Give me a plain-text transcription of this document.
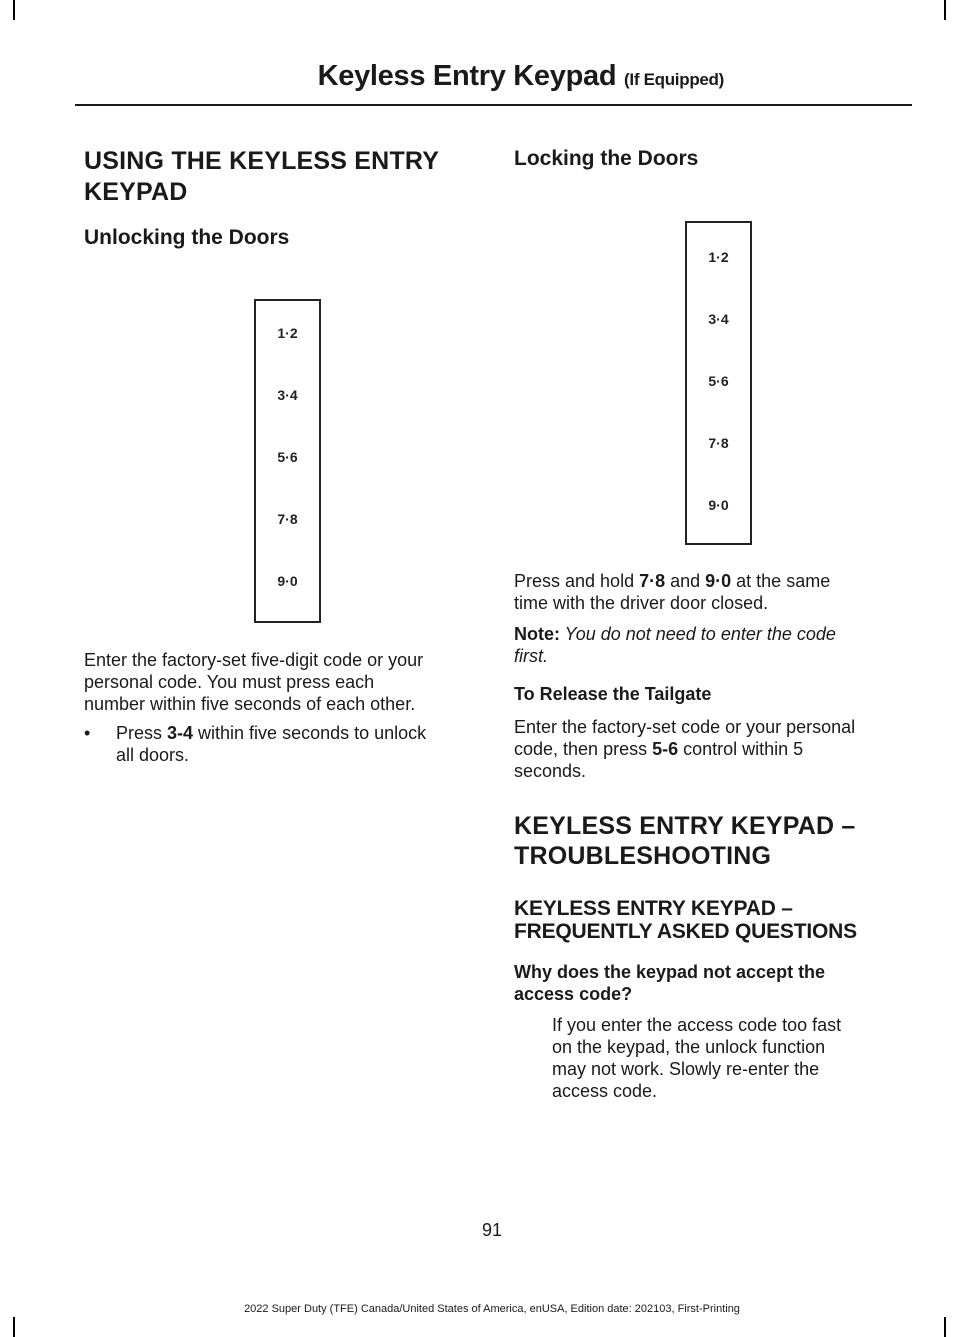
Keyless Entry Keypad (If Equipped)
USING THE KEYLESS ENTRY
KEYPAD
Unlocking the Doors
1·2
3·4
5·6
7·8
9·0

Enter the factory-set five-digit code or your
personal code. You must press each
number within five seconds of each other.

• Press 3-4 within five seconds to unlock
all doors.

Locking the Doors
1·2
3·4
5·6
7·8
9·0

Press and hold 7·8 and 9·0 at the same
time with the driver door closed.

Note: You do not need to enter the code
first.

To Release the Tailgate

Enter the factory-set code or your personal
code, then press 5-6 control within 5
seconds.

KEYLESS ENTRY KEYPAD –
TROUBLESHOOTING
KEYLESS ENTRY KEYPAD –
FREQUENTLY ASKED QUESTIONS
Why does the keypad not accept the
access code?

If you enter the access code too fast
on the keypad, the unlock function
may not work. Slowly re-enter the
access code.

91
2022 Super Duty (TFE) Canada/United States of America, enUSA, Edition date: 202103, First-Printing
